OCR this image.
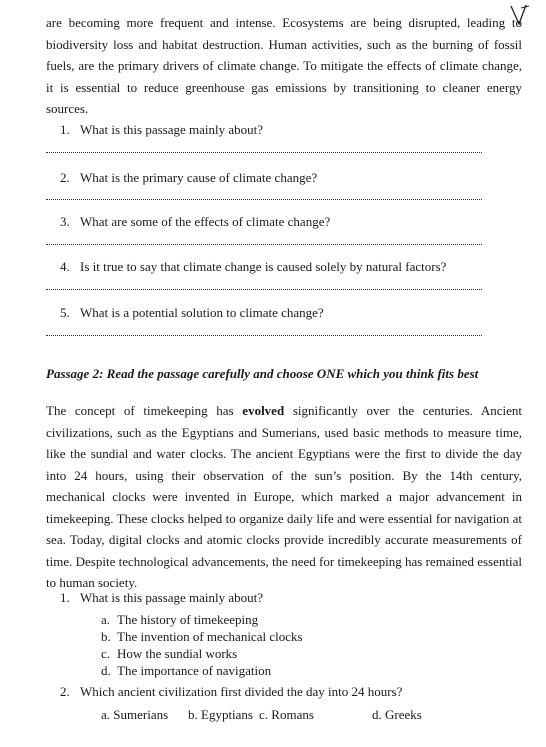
are becoming more frequent and intense. Ecosystems are being disrupted, leading to biodiversity loss and habitat destruction. Human activities, such as the burning of fossil fuels, are the primary drivers of climate change. To mitigate the effects of climate change, it is essential to reduce greenhouse gas emissions by transitioning to cleaner energy sources.

1. What is this passage mainly about?
2. What is the primary cause of climate change?
3. What are some of the effects of climate change?
4. Is it true to say that climate change is caused solely by natural factors?
5. What is a potential solution to climate change?

Passage 2: Read the passage carefully and choose ONE which you think fits best

The concept of timekeeping has evolved significantly over the centuries. Ancient civilizations, such as the Egyptians and Sumerians, used basic methods to measure time, like the sundial and water clocks. The ancient Egyptians were the first to divide the day into 24 hours, using their observation of the sun’s position. By the 14th century, mechanical clocks were invented in Europe, which marked a major advancement in timekeeping. These clocks helped to organize daily life and were essential for navigation at sea. Today, digital clocks and atomic clocks provide incredibly accurate measurements of time. Despite technological advancements, the need for timekeeping has remained essential to human society.

1. What is this passage mainly about?
a. The history of timekeeping
b. The invention of mechanical clocks
c. How the sundial works
d. The importance of navigation
2. Which ancient civilization first divided the day into 24 hours?
a. Sumerians b. Egyptians c. Romans	d. Greeks
